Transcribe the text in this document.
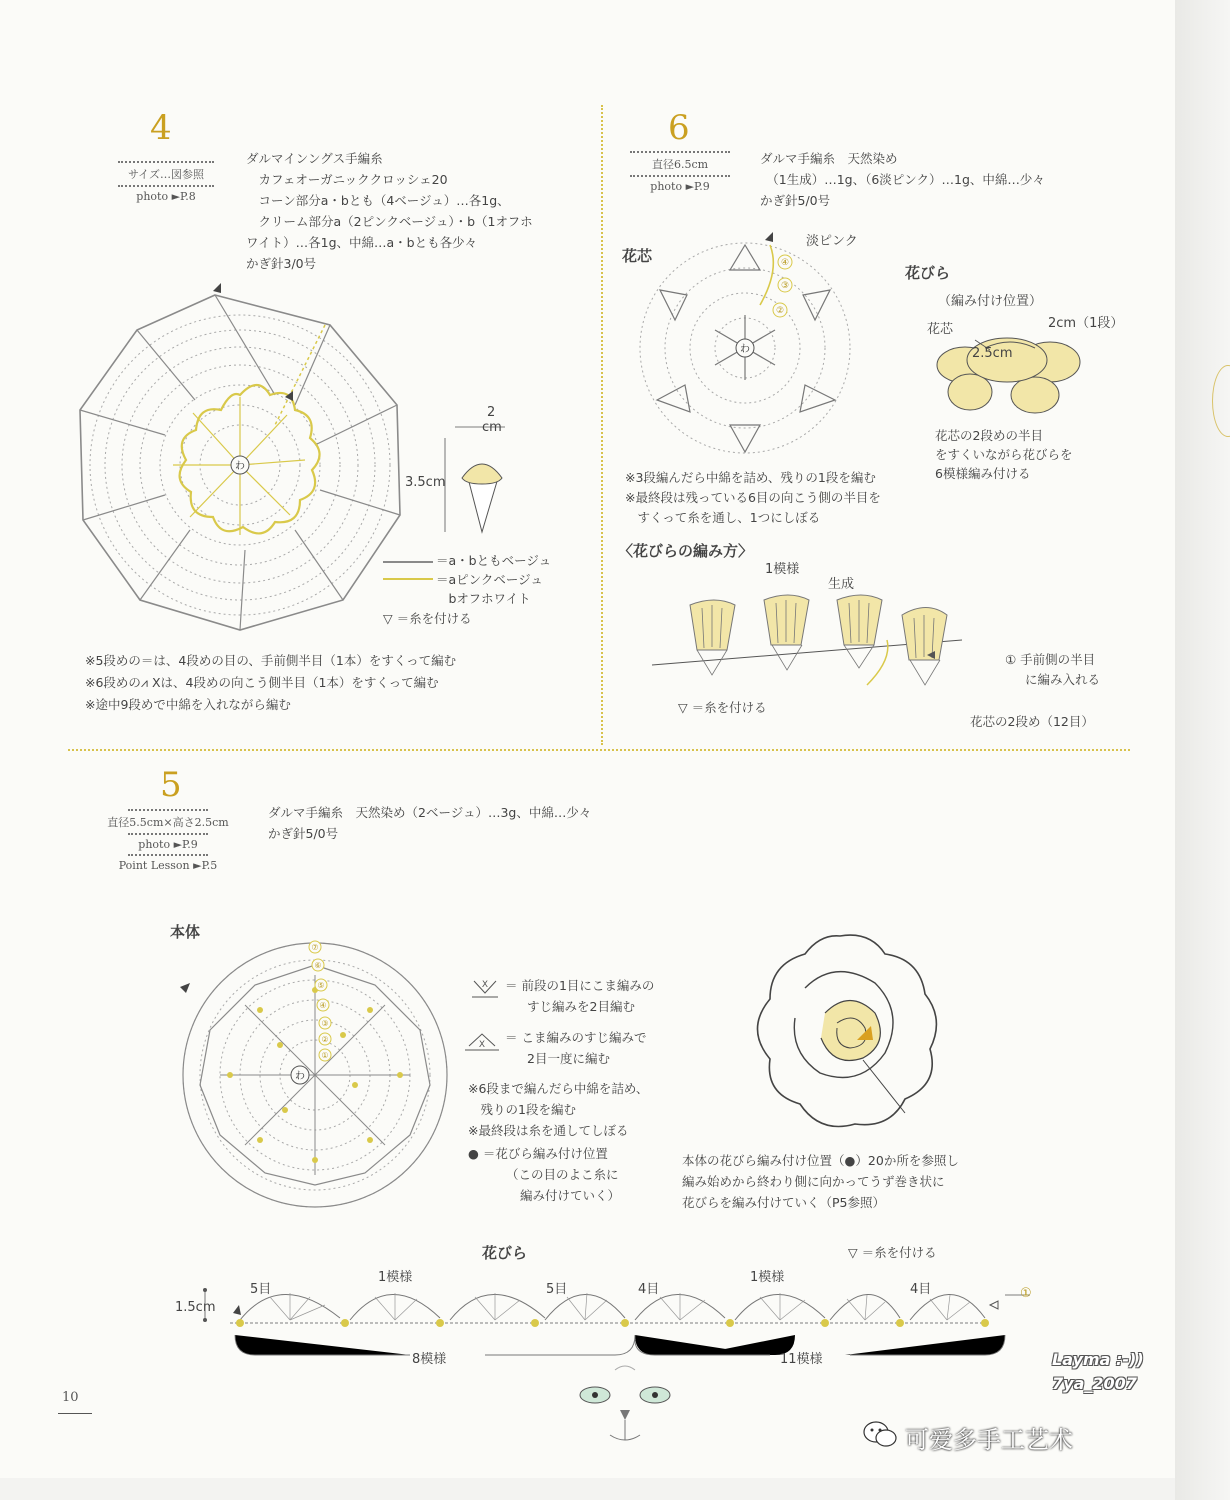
4
サイズ…図参照
photo ►P.8
ダルマインングス手編糸
　カフェオーガニッククロッシェ20
　コーン部分a・bとも（4ベージュ）…各1g、
　クリーム部分a（2ピンクベージュ）・b（1オフホ
ワイト）…各1g、中綿…a・bとも各少々
かぎ針3/0号
わ
2
cm
3.5cm
＝a・bともベージュ
＝aピンクベージュ
　bオフホワイト
▽ ＝糸を付ける
※5段めの＝は、4段めの目の、手前側半目（1本）をすくって編む
※6段めの⩘ Xは、4段めの向こう側半目（1本）をすくって編む
※途中9段めで中綿を入れながら編む
6
直径6.5cm
photo ►P.9
ダルマ手編糸　天然染め
　（1生成）…1g、（6淡ピンク）…1g、中綿…少々
かぎ針5/0号
花芯
淡ピンク
②
③
④
わ
花びら
（編み付け位置）
花芯	2cm（1段）
2.5cm
花芯の2段めの半目
をすくいながら花びらを
6模様編み付ける
※3段編んだら中綿を詰め、残りの1段を編む
※最終段は残っている6目の向こう側の半目を
　すくって糸を通し、1つにしぼる
〈花びらの編み方〉
1模様
生成
① 手前側の半目
に編み入れる
▽ ＝糸を付ける
花芯の2段め（12目）
5
直径5.5cm×高さ2.5cm
photo ►P.9
Point Lesson ►P.5
ダルマ手編糸　天然染め（2ベージュ）…3g、中綿…少々
かぎ針5/0号
本体
⑦
⑥
⑤
④
③
②
①
わ
X ＝ 前段の1目にこま編みの
すじ編みを2目編む
X ＝ こま編みのすじ編みで
2目一度に編む
※6段まで編んだら中綿を詰め、
　残りの1段を編む
※最終段は糸を通してしぼる
● ＝花びら編み付け位置
（この目のよこ糸に
編み付けていく）
本体の花びら編み付け位置（●）20か所を参照し
編み始めから終わり側に向かってうず巻き状に
花びらを編み付けていく（P5参照）
花びら	▽ ＝糸を付ける
1.5cm
5目
1模様
5目	4目
1模様
4目	①
8模様	11模様
10
Layma :-))
7ya_2007
可爱多手工艺术
